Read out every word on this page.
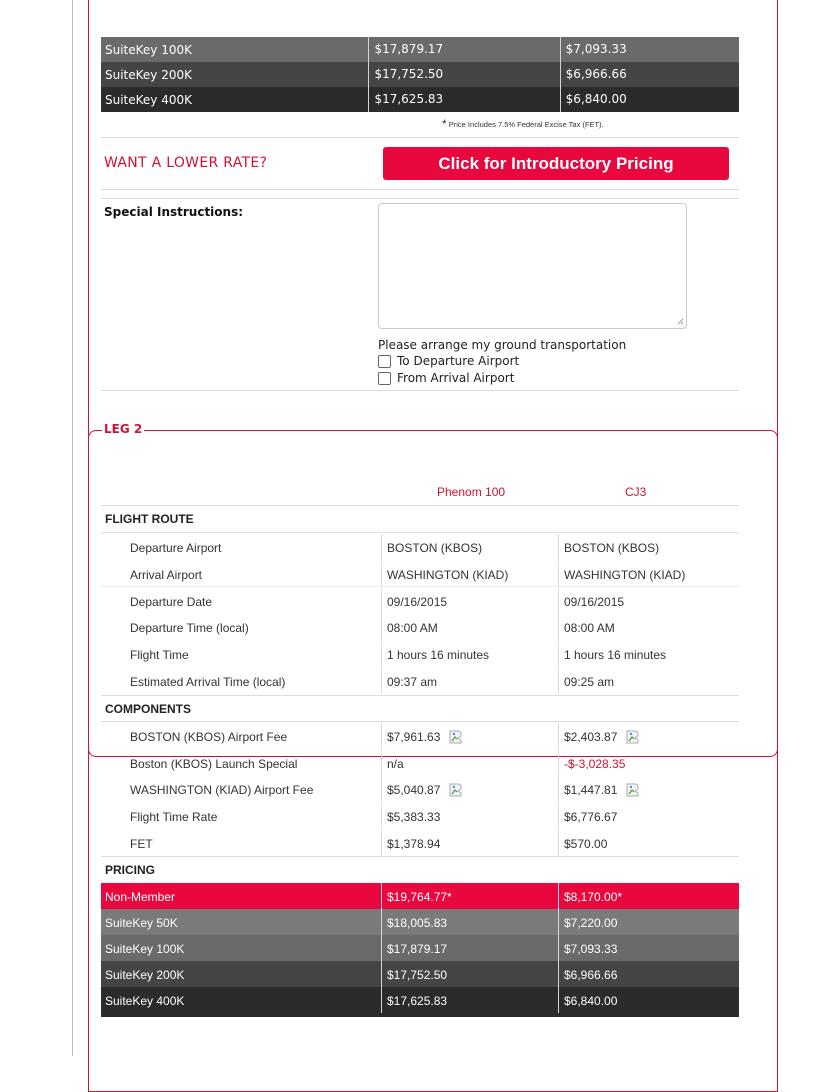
SuiteKey 100K	$17,879.17	$7,093.33
SuiteKey 200K	$17,752.50	$6,966.66
SuiteKey 400K	$17,625.83	$6,840.00
* Price Includes 7.5% Federal Excise Tax (FET).
WANT A LOWER RATE?	Click for Introductory Pricing
Special Instructions:
Please arrange my ground transportation
To Departure Airport
From Arrival Airport
LEG 2
Phenom 100	CJ3
FLIGHT ROUTE
Departure Airport	BOSTON (KBOS)	BOSTON (KBOS)
Arrival Airport	WASHINGTON (KIAD)	WASHINGTON (KIAD)
Departure Date	09/16/2015	09/16/2015
Departure Time (local)	08:00 AM	08:00 AM
Flight Time	1 hours 16 minutes	1 hours 16 minutes
Estimated Arrival Time (local)	09:37 am	09:25 am
COMPONENTS
BOSTON (KBOS) Airport Fee	$7,961.63	$2,403.87
Boston (KBOS) Launch Special	n/a	-$-3,028.35
WASHINGTON (KIAD) Airport Fee	$5,040.87	$1,447.81
Flight Time Rate	$5,383.33	$6,776.67
FET	$1,378.94	$570.00
PRICING
Non-Member	$19,764.77*	$8,170.00*
SuiteKey 50K	$18,005.83	$7,220.00
SuiteKey 100K	$17,879.17	$7,093.33
SuiteKey 200K	$17,752.50	$6,966.66
SuiteKey 400K	$17,625.83	$6,840.00
